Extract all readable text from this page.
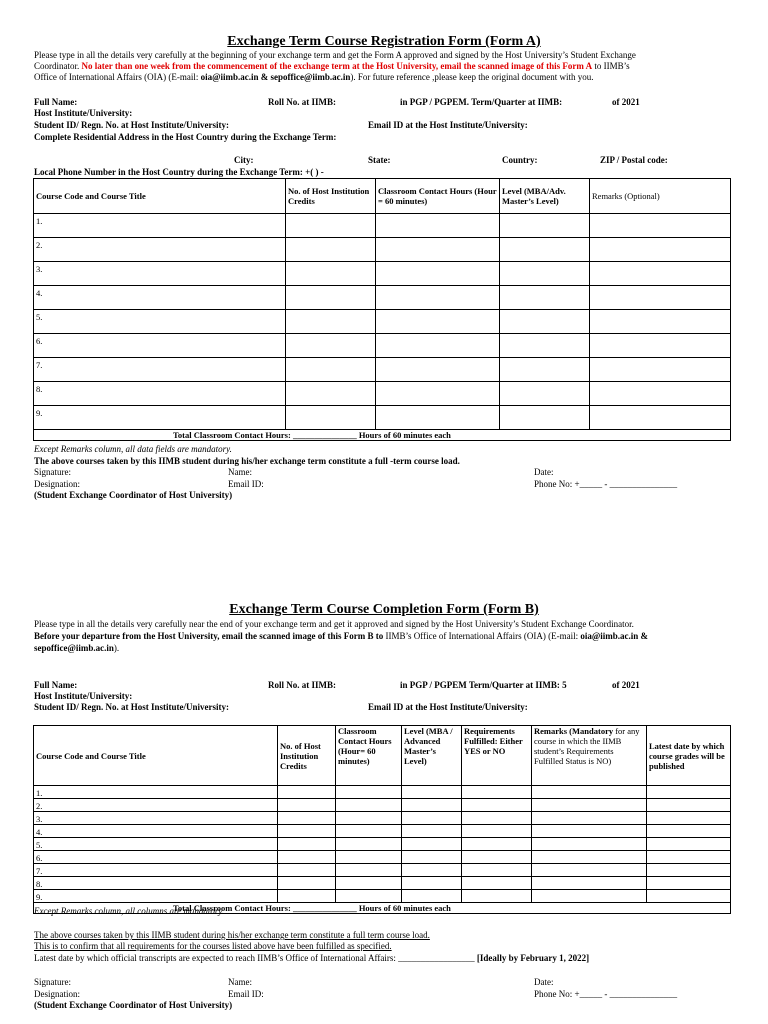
Exchange Term Course Registration Form (Form A)
Please type in all the details very carefully at the beginning of your exchange term and get the Form A approved and signed by the Host University’s Student Exchange
Coordinator. No later than one week from the commencement of the exchange term at the Host University, email the scanned image of this Form A to IIMB’s
Office of International Affairs (OIA) (E-mail: oia@iimb.ac.in & sepoffice@iimb.ac.in). For future reference ,please keep the original document with you.
Full Name:	Roll No. at IIMB:	in PGP / PGPEM. Term/Quarter at IIMB:	of 2021
Host Institute/University:
Student ID/ Regn. No. at Host Institute/University:	Email ID at the Host Institute/University:
Complete Residential Address in the Host Country during the Exchange Term:
City:	State:	Country:	ZIP / Postal code:
Local Phone Number in the Host Country during the Exchange Term: +( ) -
Course Code and Course Title	No. of Host Institution Credits	Classroom Contact Hours (Hour = 60 minutes)	Level (MBA/Adv. Master’s Level)	Remarks (Optional)
1.				
2.				
3.				
4.				
5.				
6.				
7.				
8.				
9.				
Total Classroom Contact Hours: _______________ Hours of 60 minutes each				
Except Remarks column, all data fields are mandatory.
The above courses taken by this IIMB student during his/her exchange term constitute a full -term course load.
Signature:	Name:	Date:
Designation:	Email ID:	Phone No: +_____ - _______________
(Student Exchange Coordinator of Host University)
Exchange Term Course Completion Form (Form B)
Please type in all the details very carefully near the end of your exchange term and get it approved and signed by the Host University’s Student Exchange Coordinator.
Before your departure from the Host University, email the scanned image of this Form B to IIMB’s Office of International Affairs (OIA) (E-mail: oia@iimb.ac.in &
sepoffice@iimb.ac.in).
Full Name:	Roll No. at IIMB:	in PGP / PGPEM Term/Quarter at IIMB: 5	of 2021
Host Institute/University:
Student ID/ Regn. No. at Host Institute/University:	Email ID at the Host Institute/University:
Course Code and Course Title	No. of Host Institution Credits	Classroom Contact Hours (Hour= 60 minutes)	Level (MBA / Advanced Master’s Level)	Requirements Fulfilled: Either YES or NO	Remarks (Mandatory for any course in which the IIMB student’s Requirements Fulfilled Status is NO)	Latest date by which course grades will be published
1.						
2.						
3.						
4.						
5.						
6.						
7.						
8.						
9.						
Total Classroom Contact Hours: _______________ Hours of 60 minutes each						
Except Remarks column, all columns are mandatory.
The above courses taken by this IIMB student during his/her exchange term constitute a full term course load.
This is to confirm that all requirements for the courses listed above have been fulfilled as specified.
Latest date by which official transcripts are expected to reach IIMB’s Office of International Affairs: _________________ [Ideally by February 1, 2022]
Signature:	Name:	Date:
Designation:	Email ID:	Phone No: +_____ - _______________
(Student Exchange Coordinator of Host University)
